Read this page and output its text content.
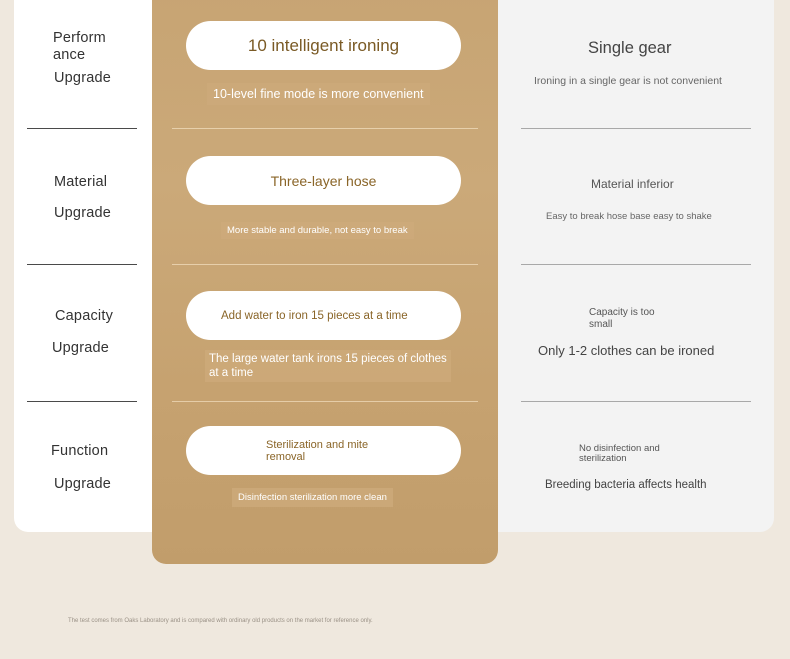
Perform
ance
Upgrade
10 intelligent ironing
10-level fine mode is more convenient
Single gear
Ironing in a single gear is not convenient
Material
Upgrade
Three-layer hose
More stable and durable, not easy to break
Material inferior
Easy to break hose base easy to shake
Capacity
Upgrade
Add water to iron 15 pieces at a time
The large water tank irons 15 pieces of clothes
at a time
Capacity is too
small
Only 1-2 clothes can be ironed
Function
Upgrade
Sterilization and mite
removal
Disinfection sterilization more clean
No disinfection and
sterilization
Breeding bacteria affects health
The test comes from Oaks Laboratory and is compared with ordinary old products on the market for reference only.
